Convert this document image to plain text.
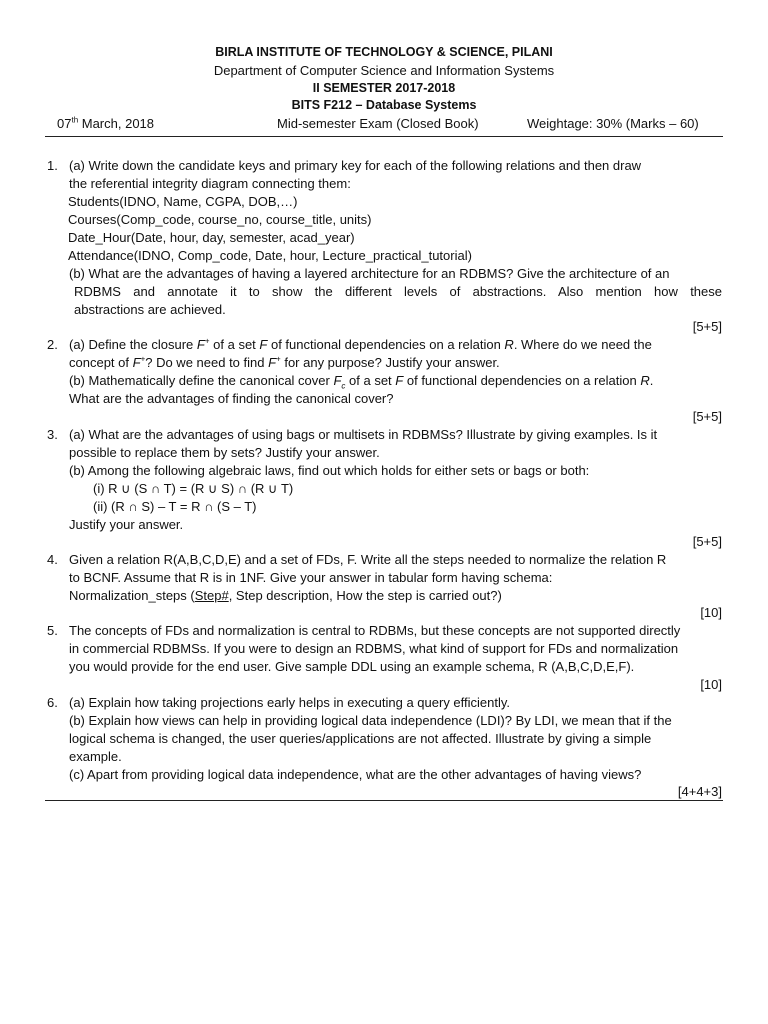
BIRLA INSTITUTE OF TECHNOLOGY & SCIENCE, PILANI
Department of Computer Science and Information Systems
II SEMESTER 2017-2018
BITS F212 – Database Systems
07th March, 2018	Mid-semester Exam (Closed Book)	Weightage: 30% (Marks – 60)
1. (a) Write down the candidate keys and primary key for each of the following relations and then draw
the referential integrity diagram connecting them:
Students(IDNO, Name, CGPA, DOB,…)
Courses(Comp_code, course_no, course_title, units)
Date_Hour(Date, hour, day, semester, acad_year)
Attendance(IDNO, Comp_code, Date, hour, Lecture_practical_tutorial)
(b) What are the advantages of having a layered architecture for an RDBMS? Give the architecture of an
RDBMS and annotate it to show the different levels of abstractions. Also mention how these
abstractions are achieved.
[5+5]
2. (a) Define the closure F+ of a set F of functional dependencies on a relation R. Where do we need the
concept of F+? Do we need to find F+ for any purpose? Justify your answer.
(b) Mathematically define the canonical cover $F_c$ of a set F of functional dependencies on a relation R.
What are the advantages of finding the canonical cover?
[5+5]
3. (a) What are the advantages of using bags or multisets in RDBMSs? Illustrate by giving examples. Is it
possible to replace them by sets? Justify your answer.
(b) Among the following algebraic laws, find out which holds for either sets or bags or both:
(i) R ∪ (S ∩ T) = (R ∪ S) ∩ (R ∪ T)
(ii) (R ∩ S) – T = R ∩ (S – T)
Justify your answer.
[5+5]
4. Given a relation R(A,B,C,D,E) and a set of FDs, F. Write all the steps needed to normalize the relation R
to BCNF. Assume that R is in 1NF. Give your answer in tabular form having schema:
Normalization_steps (Step#, Step description, How the step is carried out?)
[10]
5. The concepts of FDs and normalization is central to RDBMs, but these concepts are not supported directly
in commercial RDBMSs. If you were to design an RDBMS, what kind of support for FDs and normalization
you would provide for the end user. Give sample DDL using an example schema, R (A,B,C,D,E,F).
[10]
6. (a) Explain how taking projections early helps in executing a query efficiently.
(b) Explain how views can help in providing logical data independence (LDI)? By LDI, we mean that if the
logical schema is changed, the user queries/applications are not affected. Illustrate by giving a simple
example.
(c) Apart from providing logical data independence, what are the other advantages of having views?
[4+4+3]
